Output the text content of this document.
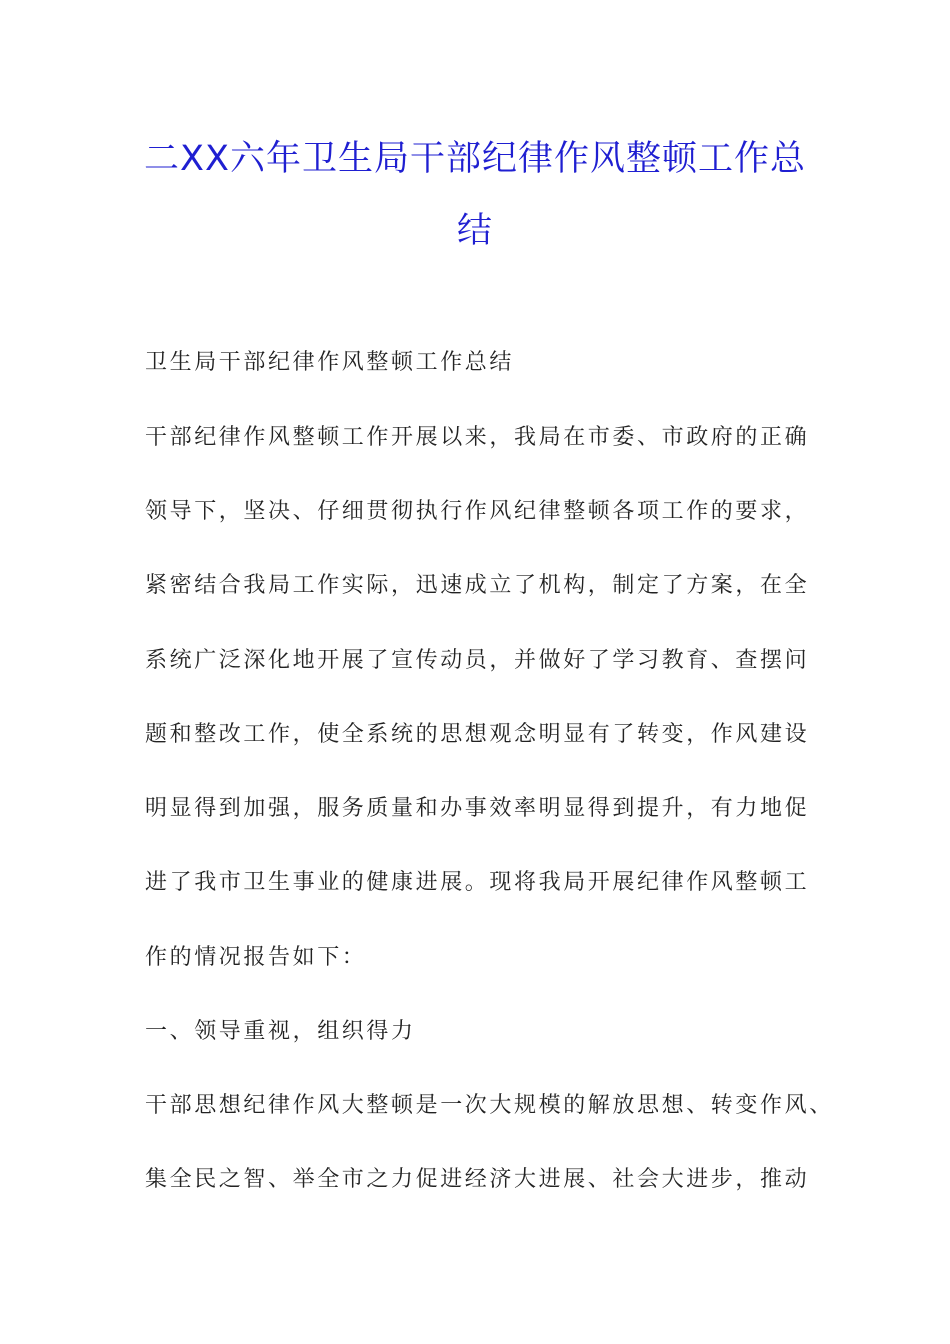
二XX六年卫生局干部纪律作风整顿工作总
结
卫生局干部纪律作风整顿工作总结
干部纪律作风整顿工作开展以来，我局在市委、市政府的正确
领导下，坚决、仔细贯彻执行作风纪律整顿各项工作的要求，
紧密结合我局工作实际，迅速成立了机构，制定了方案，在全
系统广泛深化地开展了宣传动员，并做好了学习教育、查摆问
题和整改工作，使全系统的思想观念明显有了转变，作风建设
明显得到加强，服务质量和办事效率明显得到提升，有力地促
进了我市卫生事业的健康进展。现将我局开展纪律作风整顿工
作的情况报告如下：
一、领导重视，组织得力
干部思想纪律作风大整顿是一次大规模的解放思想、转变作风、
集全民之智、举全市之力促进经济大进展、社会大进步，推动
